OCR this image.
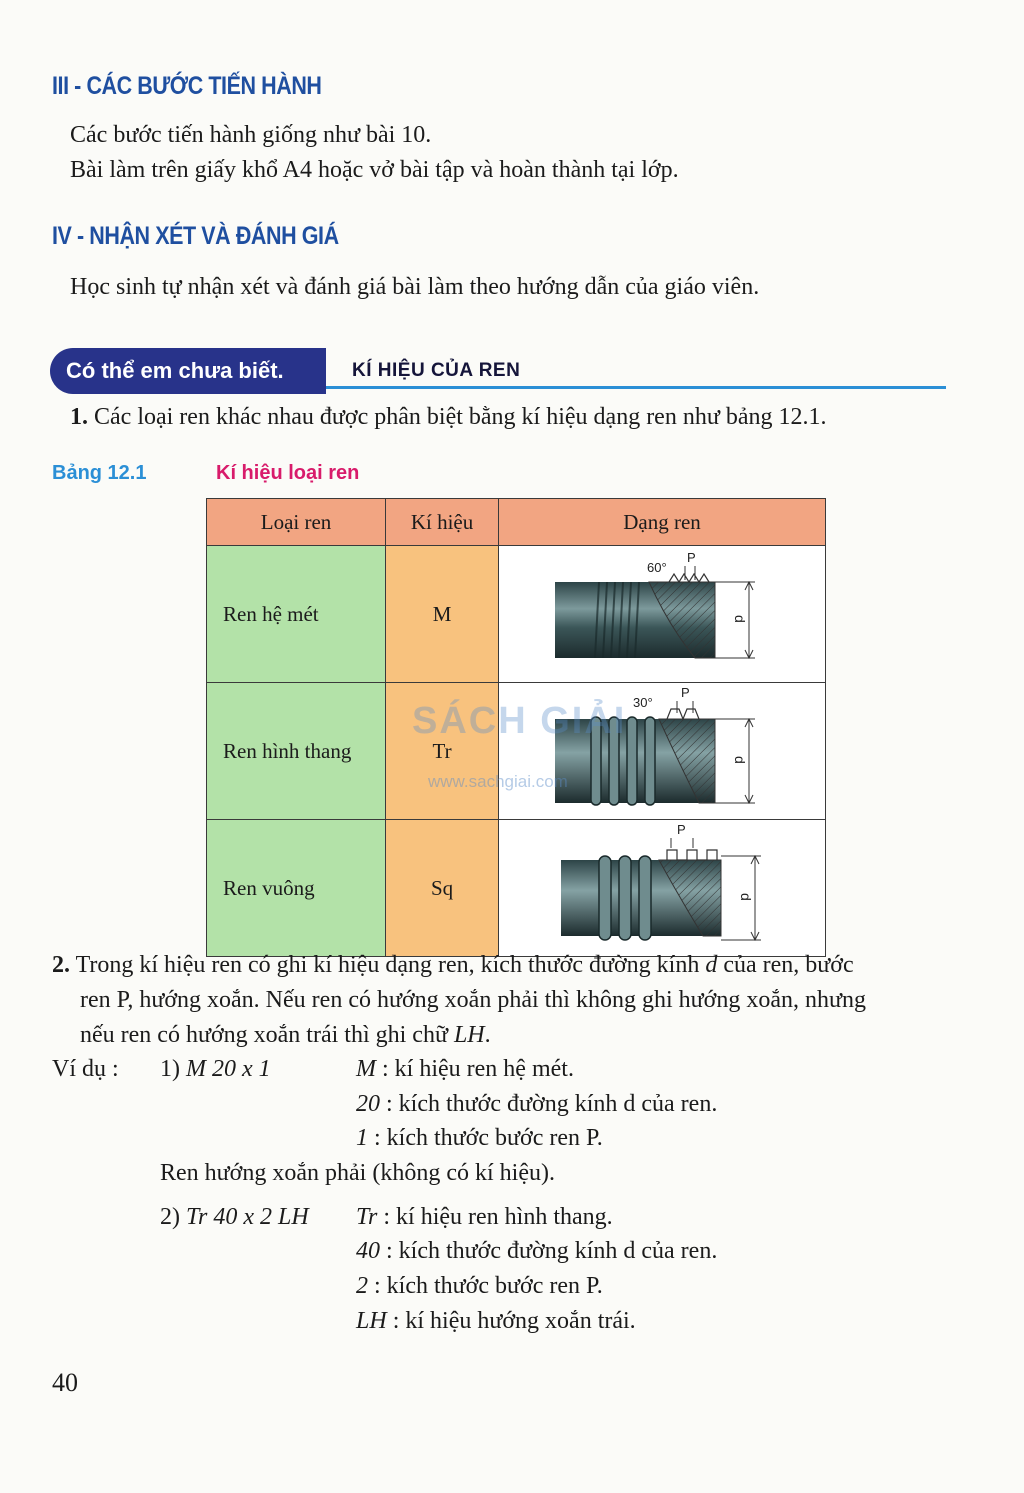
III - CÁC BƯỚC TIẾN HÀNH
Các bước tiến hành giống như bài 10.
Bài làm trên giấy khổ A4 hoặc vở bài tập và hoàn thành tại lớp.
IV - NHẬN XÉT VÀ ĐÁNH GIÁ
Học sinh tự nhận xét và đánh giá bài làm theo hướng dẫn của giáo viên.
Có thể em chưa biết.	KÍ HIỆU CỦA REN
1. Các loại ren khác nhau được phân biệt bằng kí hiệu dạng ren như bảng 12.1.
Bảng 12.1	Kí hiệu loại ren
Loại ren	Kí hiệu	Dạng ren
Ren hệ mét	M	60°
P
d

Ren hình thang	Tr	30°
P
d

Ren vuông	Sq	P
d
SÁCH GIẢI
www.sachgiai.com
2. Trong kí hiệu ren có ghi kí hiệu dạng ren, kích thước đường kính d của ren, bước
ren P, hướng xoắn. Nếu ren có hướng xoắn phải thì không ghi hướng xoắn, nhưng
nếu ren có hướng xoắn trái thì ghi chữ LH.
Ví dụ : 1) M 20 x 1	M : kí hiệu ren hệ mét.
20 : kích thước đường kính d của ren.
1 : kích thước bước ren P.
Ren hướng xoắn phải (không có kí hiệu).
2) Tr 40 x 2 LH Tr : kí hiệu ren hình thang.
40 : kích thước đường kính d của ren.
2 : kích thước bước ren P.
LH : kí hiệu hướng xoắn trái.
40
